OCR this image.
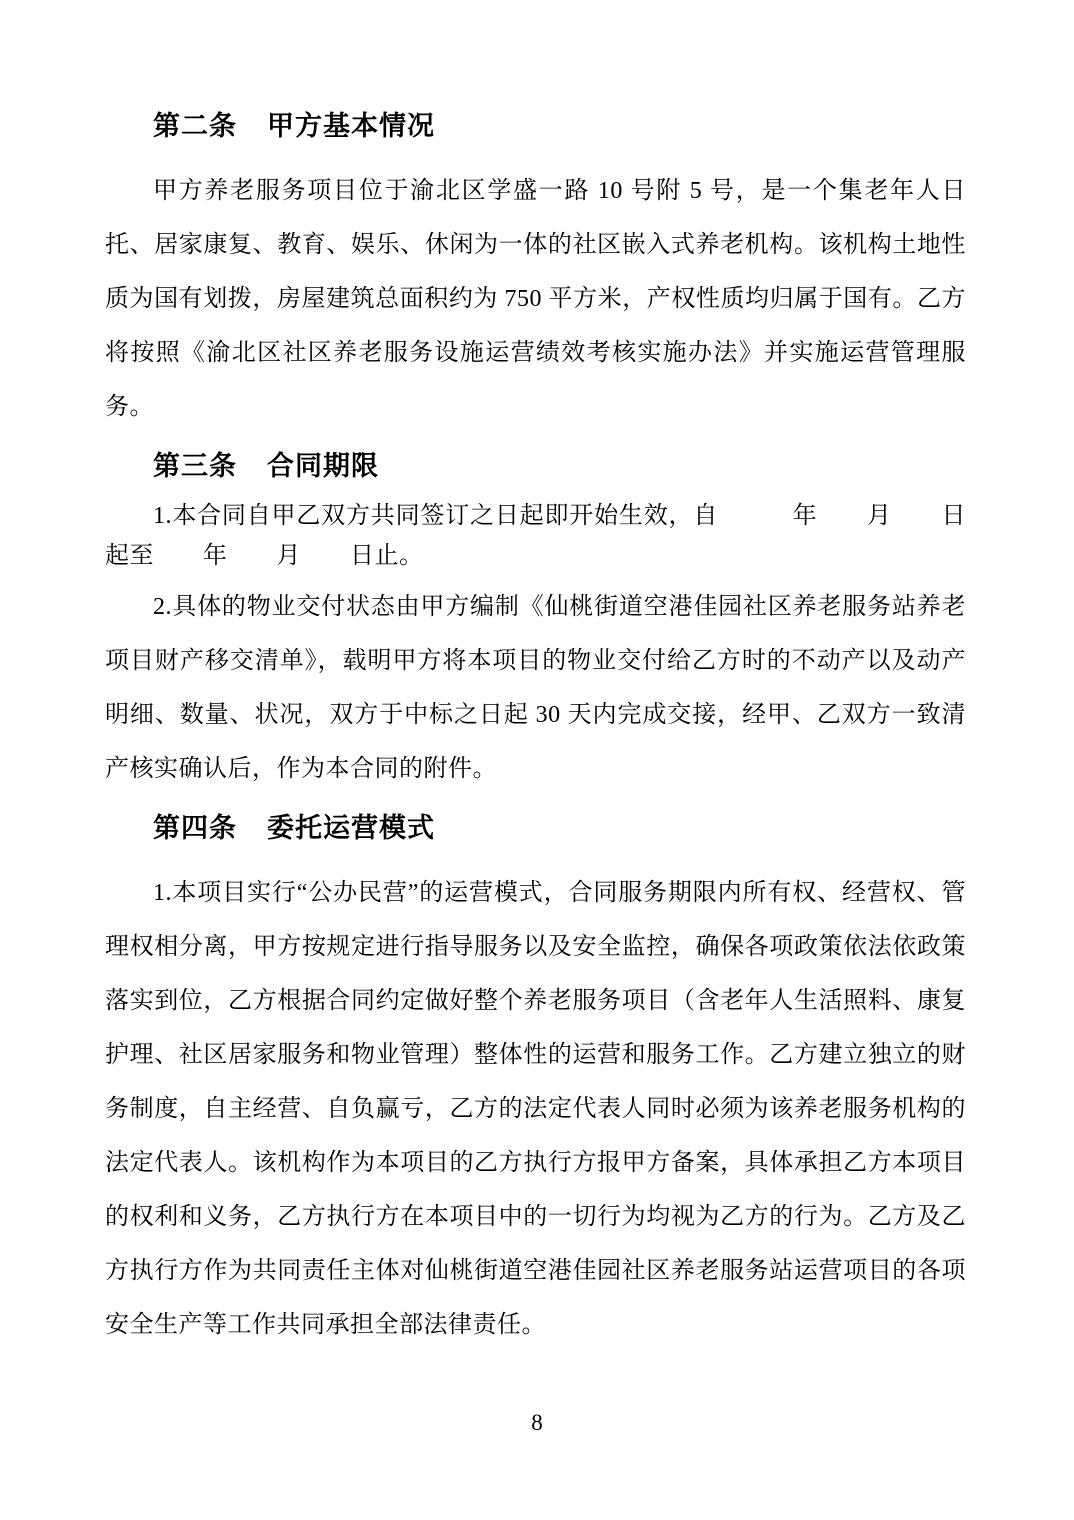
第二条 甲方基本情况

甲方养老服务项目位于渝北区学盛一路 10 号附 5 号，是一个集老年人日托、居家康复、教育、娱乐、休闲为一体的社区嵌入式养老机构。该机构土地性质为国有划拨，房屋建筑总面积约为 750 平方米，产权性质均归属于国有。乙方将按照《渝北区社区养老服务设施运营绩效考核实施办法》并实施运营管理服务。

第三条 合同期限

1.本合同自甲乙双方共同签订之日起即开始生效，自　　　年　　月　　日起至　　年　　月　　日止。

2.具体的物业交付状态由甲方编制《仙桃街道空港佳园社区养老服务站养老项目财产移交清单》，载明甲方将本项目的物业交付给乙方时的不动产以及动产明细、数量、状况，双方于中标之日起 30 天内完成交接，经甲、乙双方一致清产核实确认后，作为本合同的附件。

第四条 委托运营模式

1.本项目实行“公办民营”的运营模式，合同服务期限内所有权、经营权、管理权相分离，甲方按规定进行指导服务以及安全监控，确保各项政策依法依政策落实到位，乙方根据合同约定做好整个养老服务项目（含老年人生活照料、康复护理、社区居家服务和物业管理）整体性的运营和服务工作。乙方建立独立的财务制度，自主经营、自负赢亏，乙方的法定代表人同时必须为该养老服务机构的法定代表人。该机构作为本项目的乙方执行方报甲方备案，具体承担乙方本项目的权利和义务，乙方执行方在本项目中的一切行为均视为乙方的行为。乙方及乙方执行方作为共同责任主体对仙桃街道空港佳园社区养老服务站运营项目的各项安全生产等工作共同承担全部法律责任。

8
